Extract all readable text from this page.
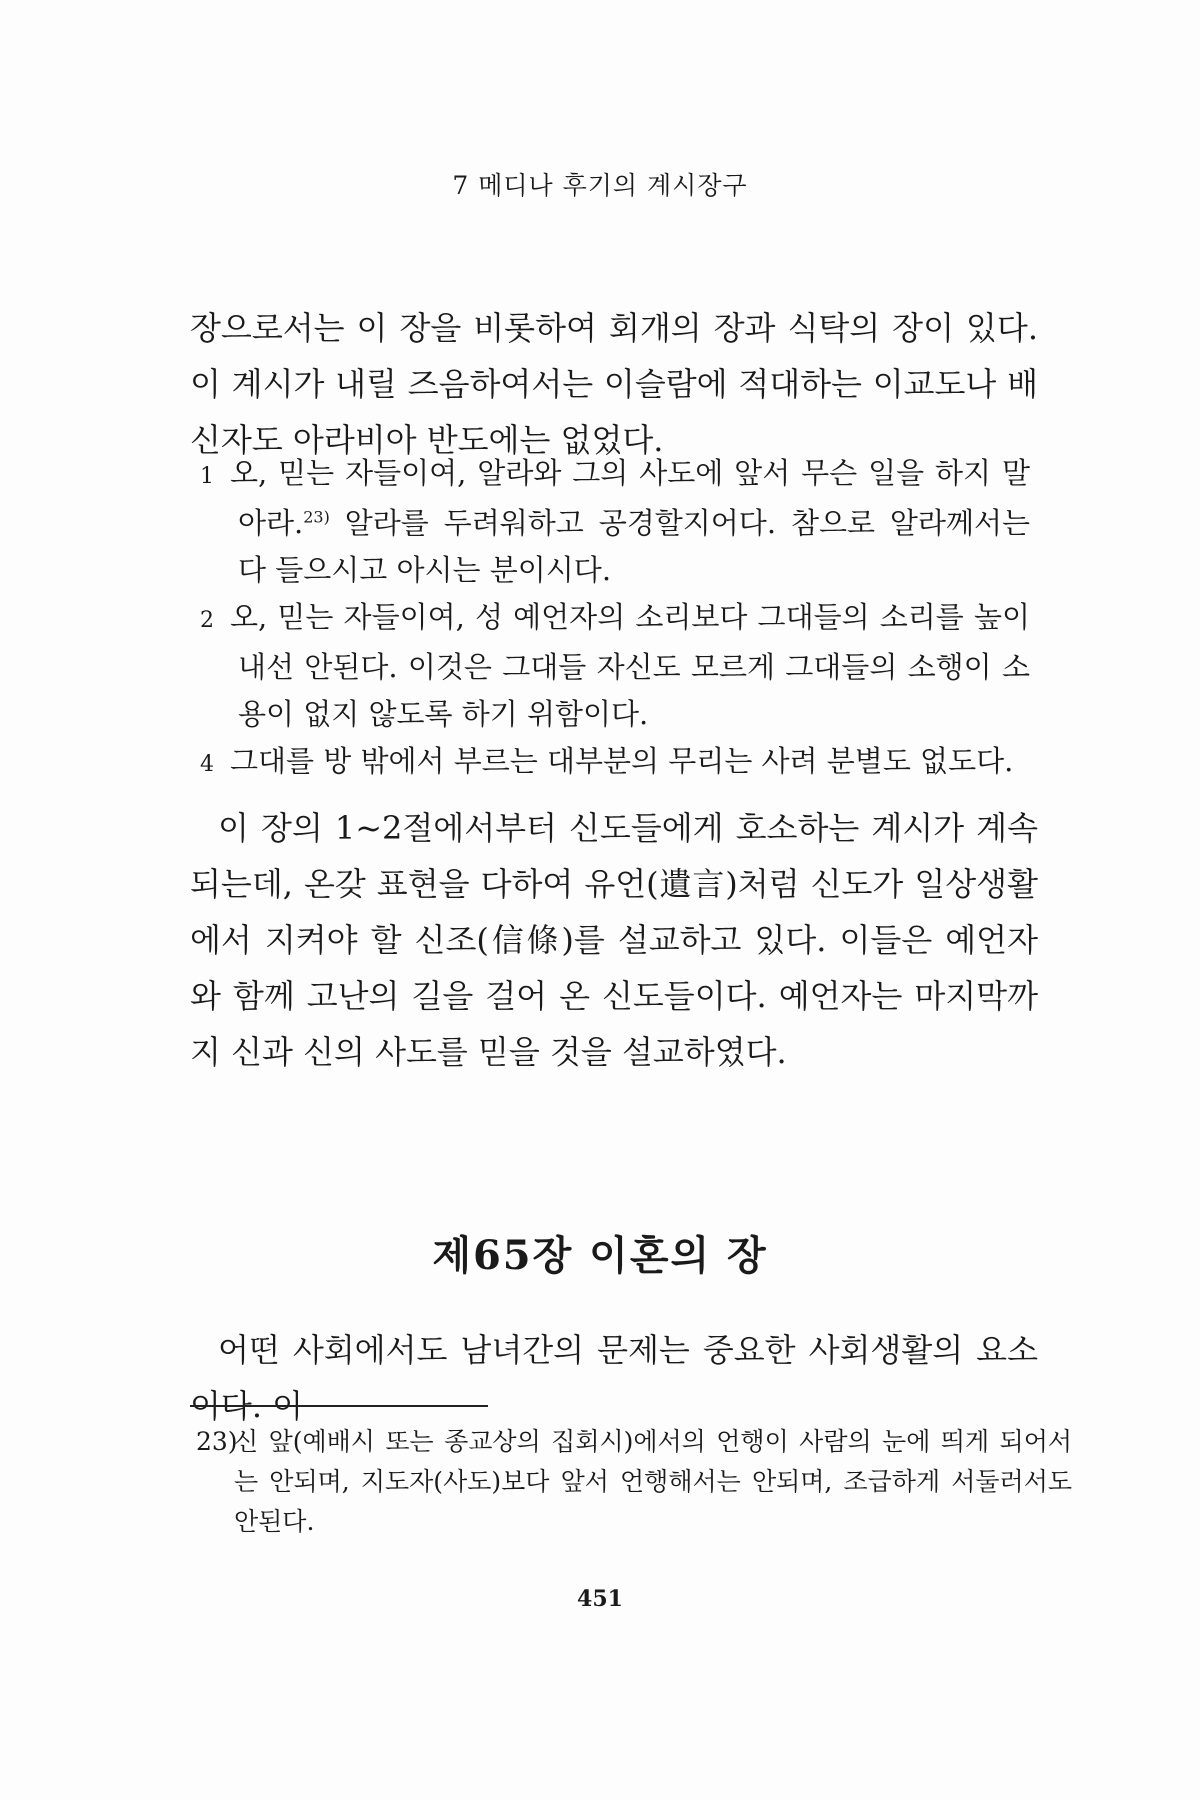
7 메디나 후기의 계시장구

장으로서는 이 장을 비롯하여 회개의 장과 식탁의 장이 있다. 이 계시가 내릴 즈음하여서는 이슬람에 적대하는 이교도나 배신자도 아라비아 반도에는 없었다.

1 오, 믿는 자들이여, 알라와 그의 사도에 앞서 무슨 일을 하지 말아라.$^{23)}$ 알라를 두려워하고 공경할지어다. 참으로 알라께서는 다 들으시고 아시는 분이시다.

2 오, 믿는 자들이여, 성 예언자의 소리보다 그대들의 소리를 높이 내선 안된다. 이것은 그대들 자신도 모르게 그대들의 소행이 소용이 없지 않도록 하기 위함이다.

4 그대를 방 밖에서 부르는 대부분의 무리는 사려 분별도 없도다.

이 장의 1~2절에서부터 신도들에게 호소하는 계시가 계속되는데, 온갖 표현을 다하여 유언(遺言)처럼 신도가 일상생활에서 지켜야 할 신조(信條)를 설교하고 있다. 이들은 예언자와 함께 고난의 길을 걸어 온 신도들이다. 예언자는 마지막까지 신과 신의 사도를 믿을 것을 설교하였다.

제65장 이혼의 장

어떤 사회에서도 남녀간의 문제는 중요한 사회생활의 요소이다. 이

23)신 앞(예배시 또는 종교상의 집회시)에서의 언행이 사람의 눈에 띄게 되어서는 안되며, 지도자(사도)보다 앞서 언행해서는 안되며, 조급하게 서둘러서도 안된다.
451
